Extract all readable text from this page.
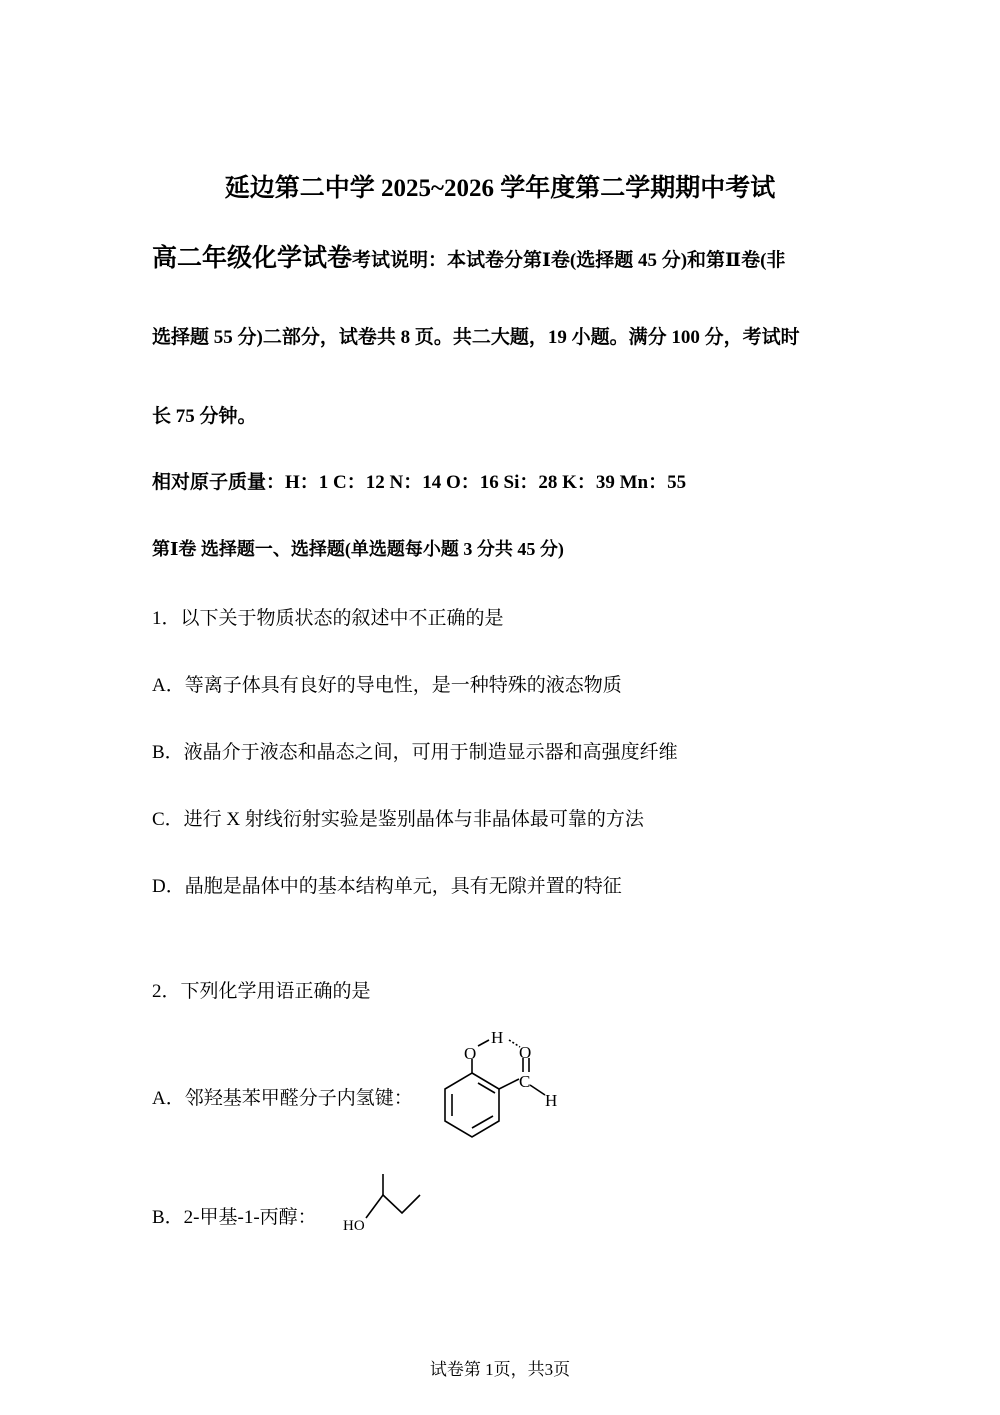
延边第二中学 2025~2026 学年度第二学期期中考试
高二年级化学试卷考试说明：本试卷分第Ⅰ卷(选择题 45 分)和第Ⅱ卷(非
选择题 55 分)二部分，试卷共 8 页。共二大题，19 小题。满分 100 分，考试时
长 75 分钟。
相对原子质量：H：1 C：12 N：14 O：16 Si：28 K：39 Mn：55
第Ⅰ卷 选择题一、选择题(单选题每小题 3 分共 45 分)
1．以下关于物质状态的叙述中不正确的是
A．等离子体具有良好的导电性，是一种特殊的液态物质
B．液晶介于液态和晶态之间，可用于制造显示器和高强度纤维
C．进行 X 射线衍射实验是鉴别晶体与非晶体最可靠的方法
D．晶胞是晶体中的基本结构单元，具有无隙并置的特征
2．下列化学用语正确的是
A．邻羟基苯甲醛分子内氢键：
O
H
O
C
H
B．2-甲基-1-丙醇： HO
试卷第 1页，共3页
